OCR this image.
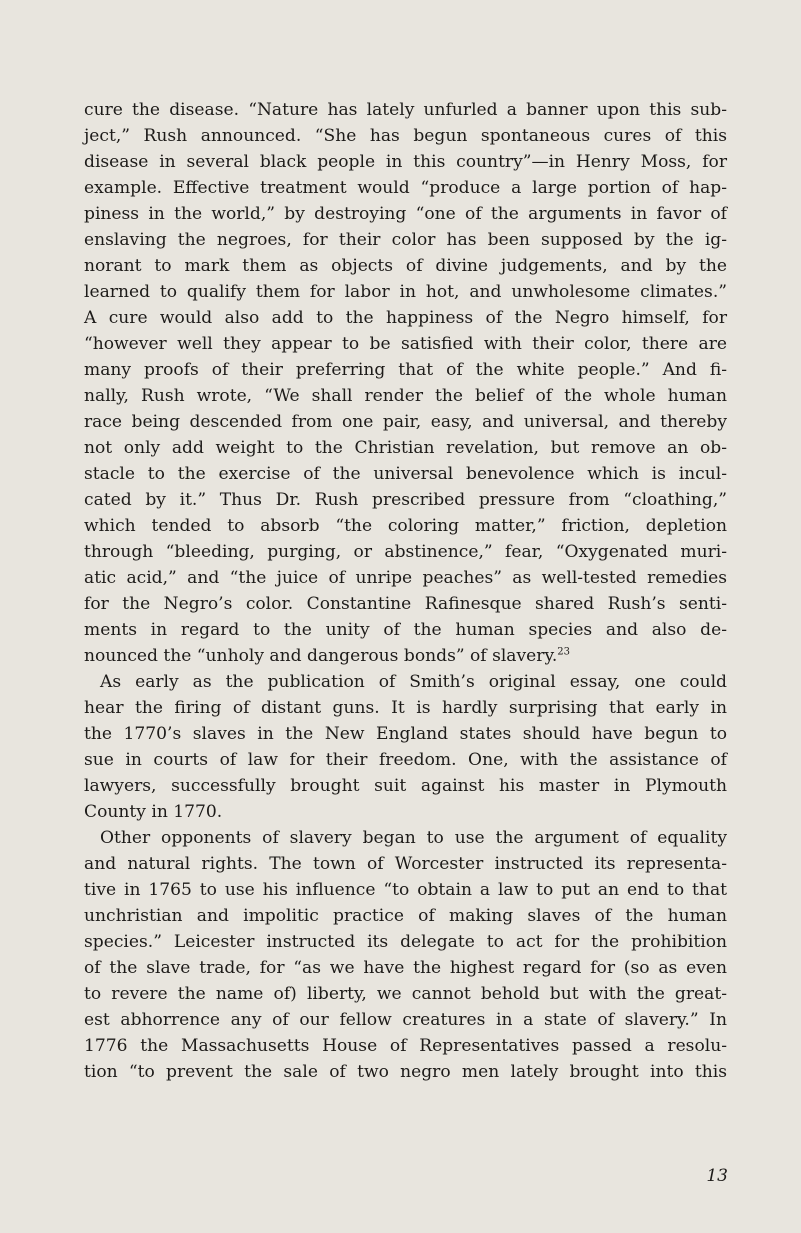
cure the disease. “Nature has lately unfurled a banner upon this sub-
ject,” Rush announced. “She has begun spontaneous cures of this
disease in several black people in this country”—in Henry Moss, for
example. Effective treatment would “produce a large portion of hap-
piness in the world,” by destroying “one of the arguments in favor of
enslaving the negroes, for their color has been supposed by the ig-
norant to mark them as objects of divine judgements, and by the
learned to qualify them for labor in hot, and unwholesome climates.”
A cure would also add to the happiness of the Negro himself, for
“however well they appear to be satisfied with their color, there are
many proofs of their preferring that of the white people.” And fi-
nally, Rush wrote, “We shall render the belief of the whole human
race being descended from one pair, easy, and universal, and thereby
not only add weight to the Christian revelation, but remove an ob-
stacle to the exercise of the universal benevolence which is incul-
cated by it.” Thus Dr. Rush prescribed pressure from “cloathing,”
which tended to absorb “the coloring matter,” friction, depletion
through “bleeding, purging, or abstinence,” fear, “Oxygenated muri-
atic acid,” and “the juice of unripe peaches” as well-tested remedies
for the Negro’s color. Constantine Rafinesque shared Rush’s senti-
ments in regard to the unity of the human species and also de-
nounced the “unholy and dangerous bonds” of slavery.$^{23}$
As early as the publication of Smith’s original essay, one could
hear the firing of distant guns. It is hardly surprising that early in
the 1770’s slaves in the New England states should have begun to
sue in courts of law for their freedom. One, with the assistance of
lawyers, successfully brought suit against his master in Plymouth
County in 1770.
Other opponents of slavery began to use the argument of equality
and natural rights. The town of Worcester instructed its representa-
tive in 1765 to use his influence “to obtain a law to put an end to that
unchristian and impolitic practice of making slaves of the human
species.” Leicester instructed its delegate to act for the prohibition
of the slave trade, for “as we have the highest regard for (so as even
to revere the name of) liberty, we cannot behold but with the great-
est abhorrence any of our fellow creatures in a state of slavery.” In
1776 the Massachusetts House of Representatives passed a resolu-
tion “to prevent the sale of two negro men lately brought into this
13
